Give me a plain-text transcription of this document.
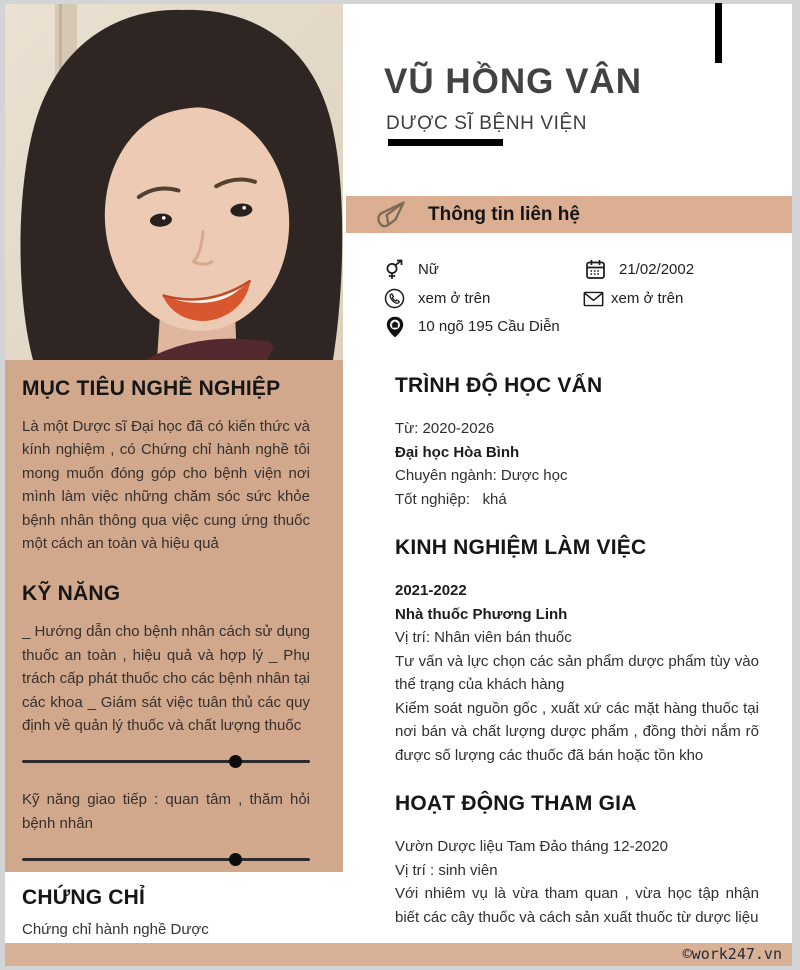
VŨ HỒNG VÂN
DƯỢC SĨ BỆNH VIỆN
Thông tin liên hệ
Nữ	21/02/2002
xem ở trên	xem ở trên
10 ngõ 195 Cầu Diễn
MỤC TIÊU NGHỀ NGHIỆP

Là một Dược sĩ Đại học đã có kiến thức và kính nghiệm , có Chứng chỉ hành nghề tôi mong muốn đóng góp cho bệnh viện nơi mình làm việc những chăm sóc sức khỏe bệnh nhân thông qua việc cung ứng thuốc một cách an toàn và hiệu quả

KỸ NĂNG

_ Hướng dẫn cho bệnh nhân cách sử dụng thuốc an toàn , hiệu quả và hợp lý _ Phụ trách cấp phát thuốc cho các bệnh nhân tại các khoa _ Giám sát việc tuân thủ các quy định về quản lý thuốc và chất lượng thuốc

Kỹ năng giao tiếp : quan tâm , thăm hỏi bệnh nhân

CHỨNG CHỈ

Chứng chỉ hành nghề Dược

TRÌNH ĐỘ HỌC VẤN

Từ: 2020-2026

Đại học Hòa Bình

Chuyên ngành: Dược học

Tốt nghiệp:   khá

KINH NGHIỆM LÀM VIỆC

2021-2022

Nhà thuốc Phương Linh

Vị trí: Nhân viên bán thuốc

Tư vấn và lực chọn các sản phẩm dược phẩm tùy vào thể trạng của khách hàng

Kiểm soát nguồn gốc , xuất xứ các mặt hàng thuốc tại nơi bán và chất lượng dược phẩm , đồng thời nắm rõ được số lượng các thuốc đã bán hoặc tồn kho

HOẠT ĐỘNG THAM GIA

Vườn Dược liệu Tam Đảo tháng 12-2020

Vị trí : sinh viên

Với nhiêm vụ là vừa tham quan , vừa học tập nhận biết các cây thuốc và cách sản xuất thuốc từ dược liệu

©work247.vn
